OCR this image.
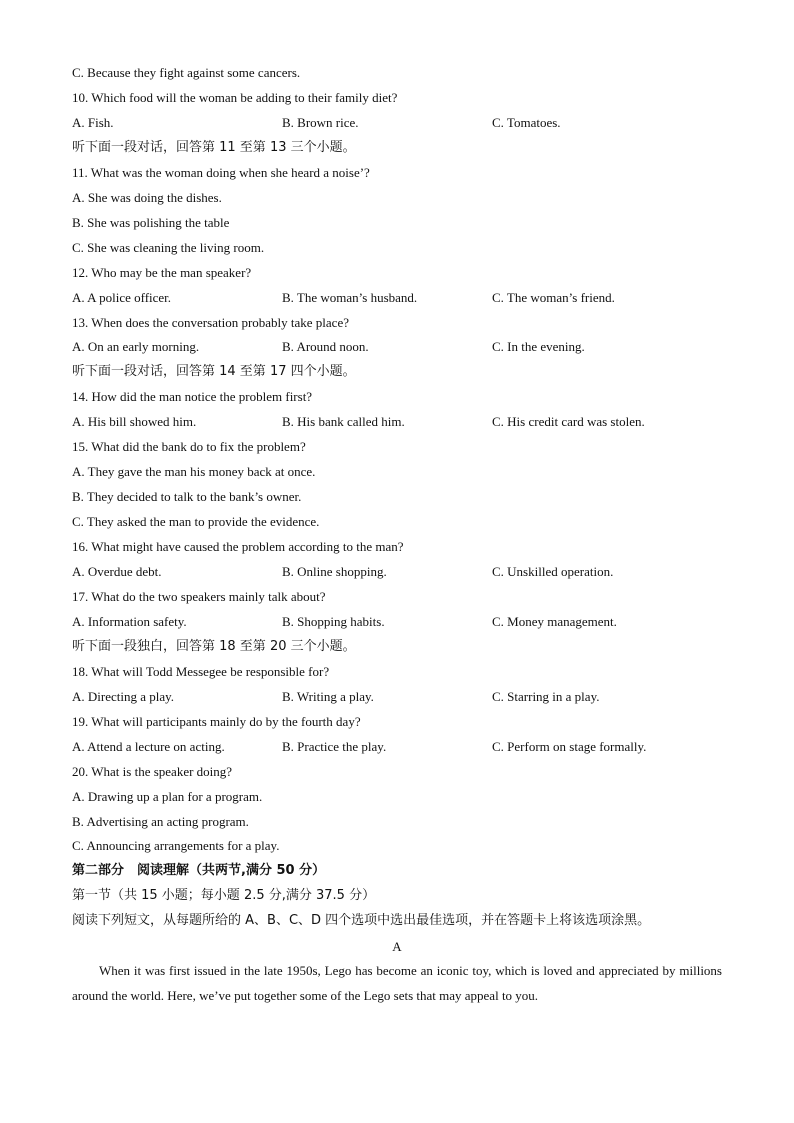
C. Because they fight against some cancers.
10. Which food will the woman be adding to their family diet?
A. Fish.	B. Brown rice.	C. Tomatoes.
听下面一段对话，回答第 11 至第 13 三个小题。
11. What was the woman doing when she heard a noise’?
A. She was doing the dishes.
B. She was polishing the table
C. She was cleaning the living room.
12. Who may be the man speaker?
A. A police officer.	B. The woman’s husband.	C. The woman’s friend.
13. When does the conversation probably take place?
A. On an early morning.	B. Around noon.	C. In the evening.
听下面一段对话，回答第 14 至第 17 四个小题。
14. How did the man notice the problem first?
A. His bill showed him.	B. His bank called him.	C. His credit card was stolen.
15. What did the bank do to fix the problem?
A. They gave the man his money back at once.
B. They decided to talk to the bank’s owner.
C. They asked the man to provide the evidence.
16. What might have caused the problem according to the man?
A. Overdue debt.	B. Online shopping.	C. Unskilled operation.
17. What do the two speakers mainly talk about?
A. Information safety.	B. Shopping habits.	C. Money management.
听下面一段独白，回答第 18 至第 20 三个小题。
18. What will Todd Messegee be responsible for?
A. Directing a play.	B. Writing a play.	C. Starring in a play.
19. What will participants mainly do by the fourth day?
A. Attend a lecture on acting.	B. Practice the play.	C. Perform on stage formally.
20. What is the speaker doing?
A. Drawing up a plan for a program.
B. Advertising an acting program.
C. Announcing arrangements for a play.
第二部分　阅读理解（共两节,满分 50 分）
第一节（共 15 小题；每小题 2.5 分,满分 37.5 分）
阅读下列短文，从每题所给的 A、B、C、D 四个选项中选出最佳选项，并在答题卡上将该选项涂黑。
A
When it was first issued in the late 1950s, Lego has become an iconic toy, which is loved and appreciated by millions around the world. Here, we’ve put together some of the Lego sets that may appeal to you.
